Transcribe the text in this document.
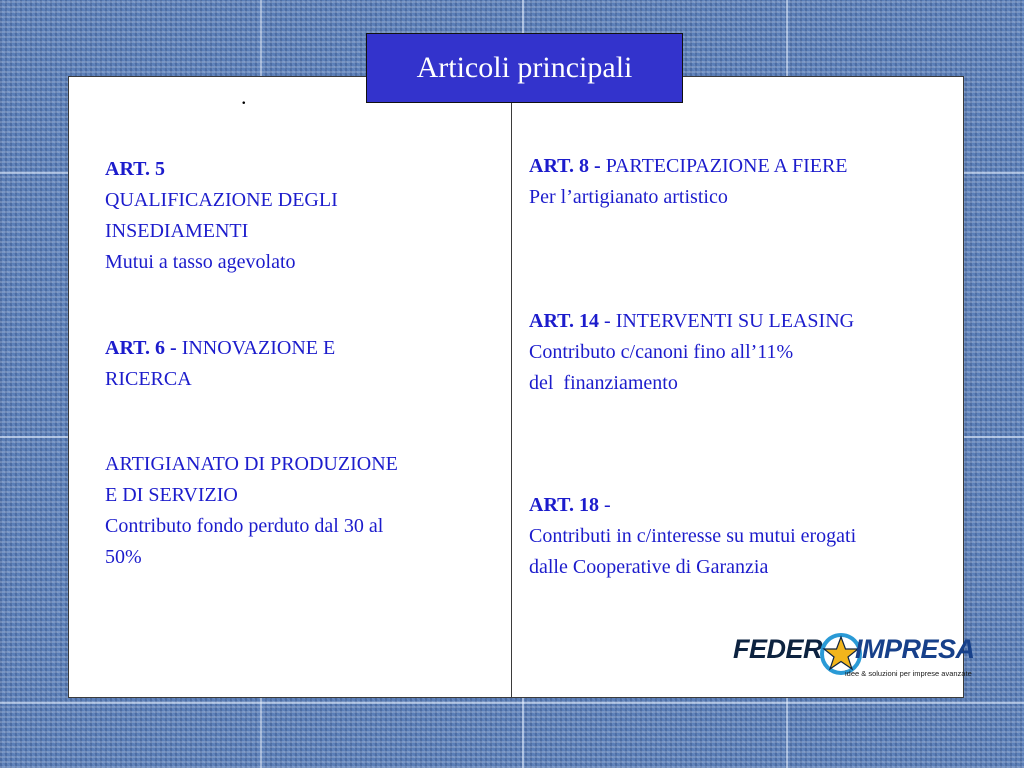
Articoli principali
.
ART. 5
QUALIFICAZIONE DEGLI
INSEDIAMENTI
Mutui a tasso agevolato
ART. 6 - INNOVAZIONE E
RICERCA
ARTIGIANATO DI PRODUZIONE
E DI SERVIZIO
Contributo fondo perduto dal 30 al
50%
ART. 8 - PARTECIPAZIONE A FIERE
Per l’artigianato artistico
ART. 14 - INTERVENTI SU LEASING
Contributo c/canoni fino all’11%
del  finanziamento
ART. 18 -
Contributi in c/interesse su mutui erogati
dalle Cooperative di Garanzia
FEDER IMPRESA
idee & soluzioni per imprese avanzate
